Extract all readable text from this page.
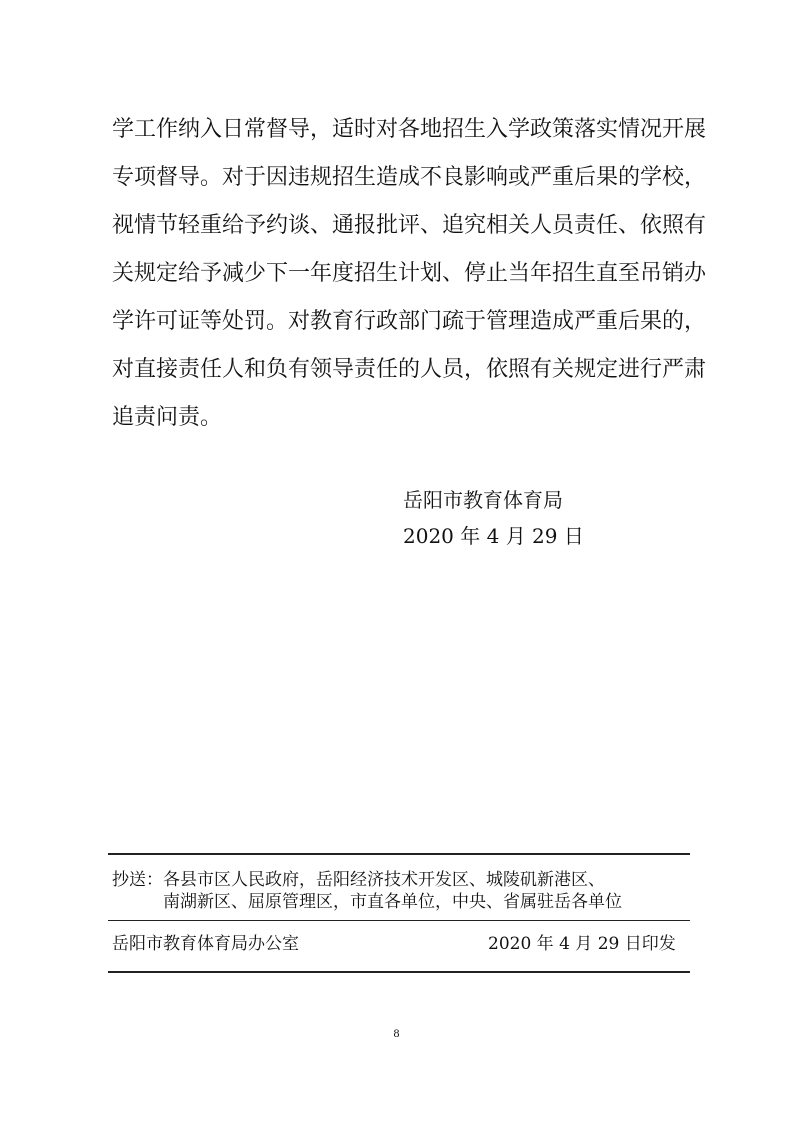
学工作纳入日常督导，适时对各地招生入学政策落实情况开展
专项督导。对于因违规招生造成不良影响或严重后果的学校，
视情节轻重给予约谈、通报批评、追究相关人员责任、依照有
关规定给予减少下一年度招生计划、停止当年招生直至吊销办
学许可证等处罚。对教育行政部门疏于管理造成严重后果的，
对直接责任人和负有领导责任的人员，依照有关规定进行严肃
追责问责。
岳阳市教育体育局
2020 年 4 月 29 日
抄送： 各县市区人民政府，岳阳经济技术开发区、城陵矶新港区、
南湖新区、屈原管理区，市直各单位，中央、省属驻岳各单位
岳阳市教育体育局办公室	2020 年 4 月 29 日印发
8
